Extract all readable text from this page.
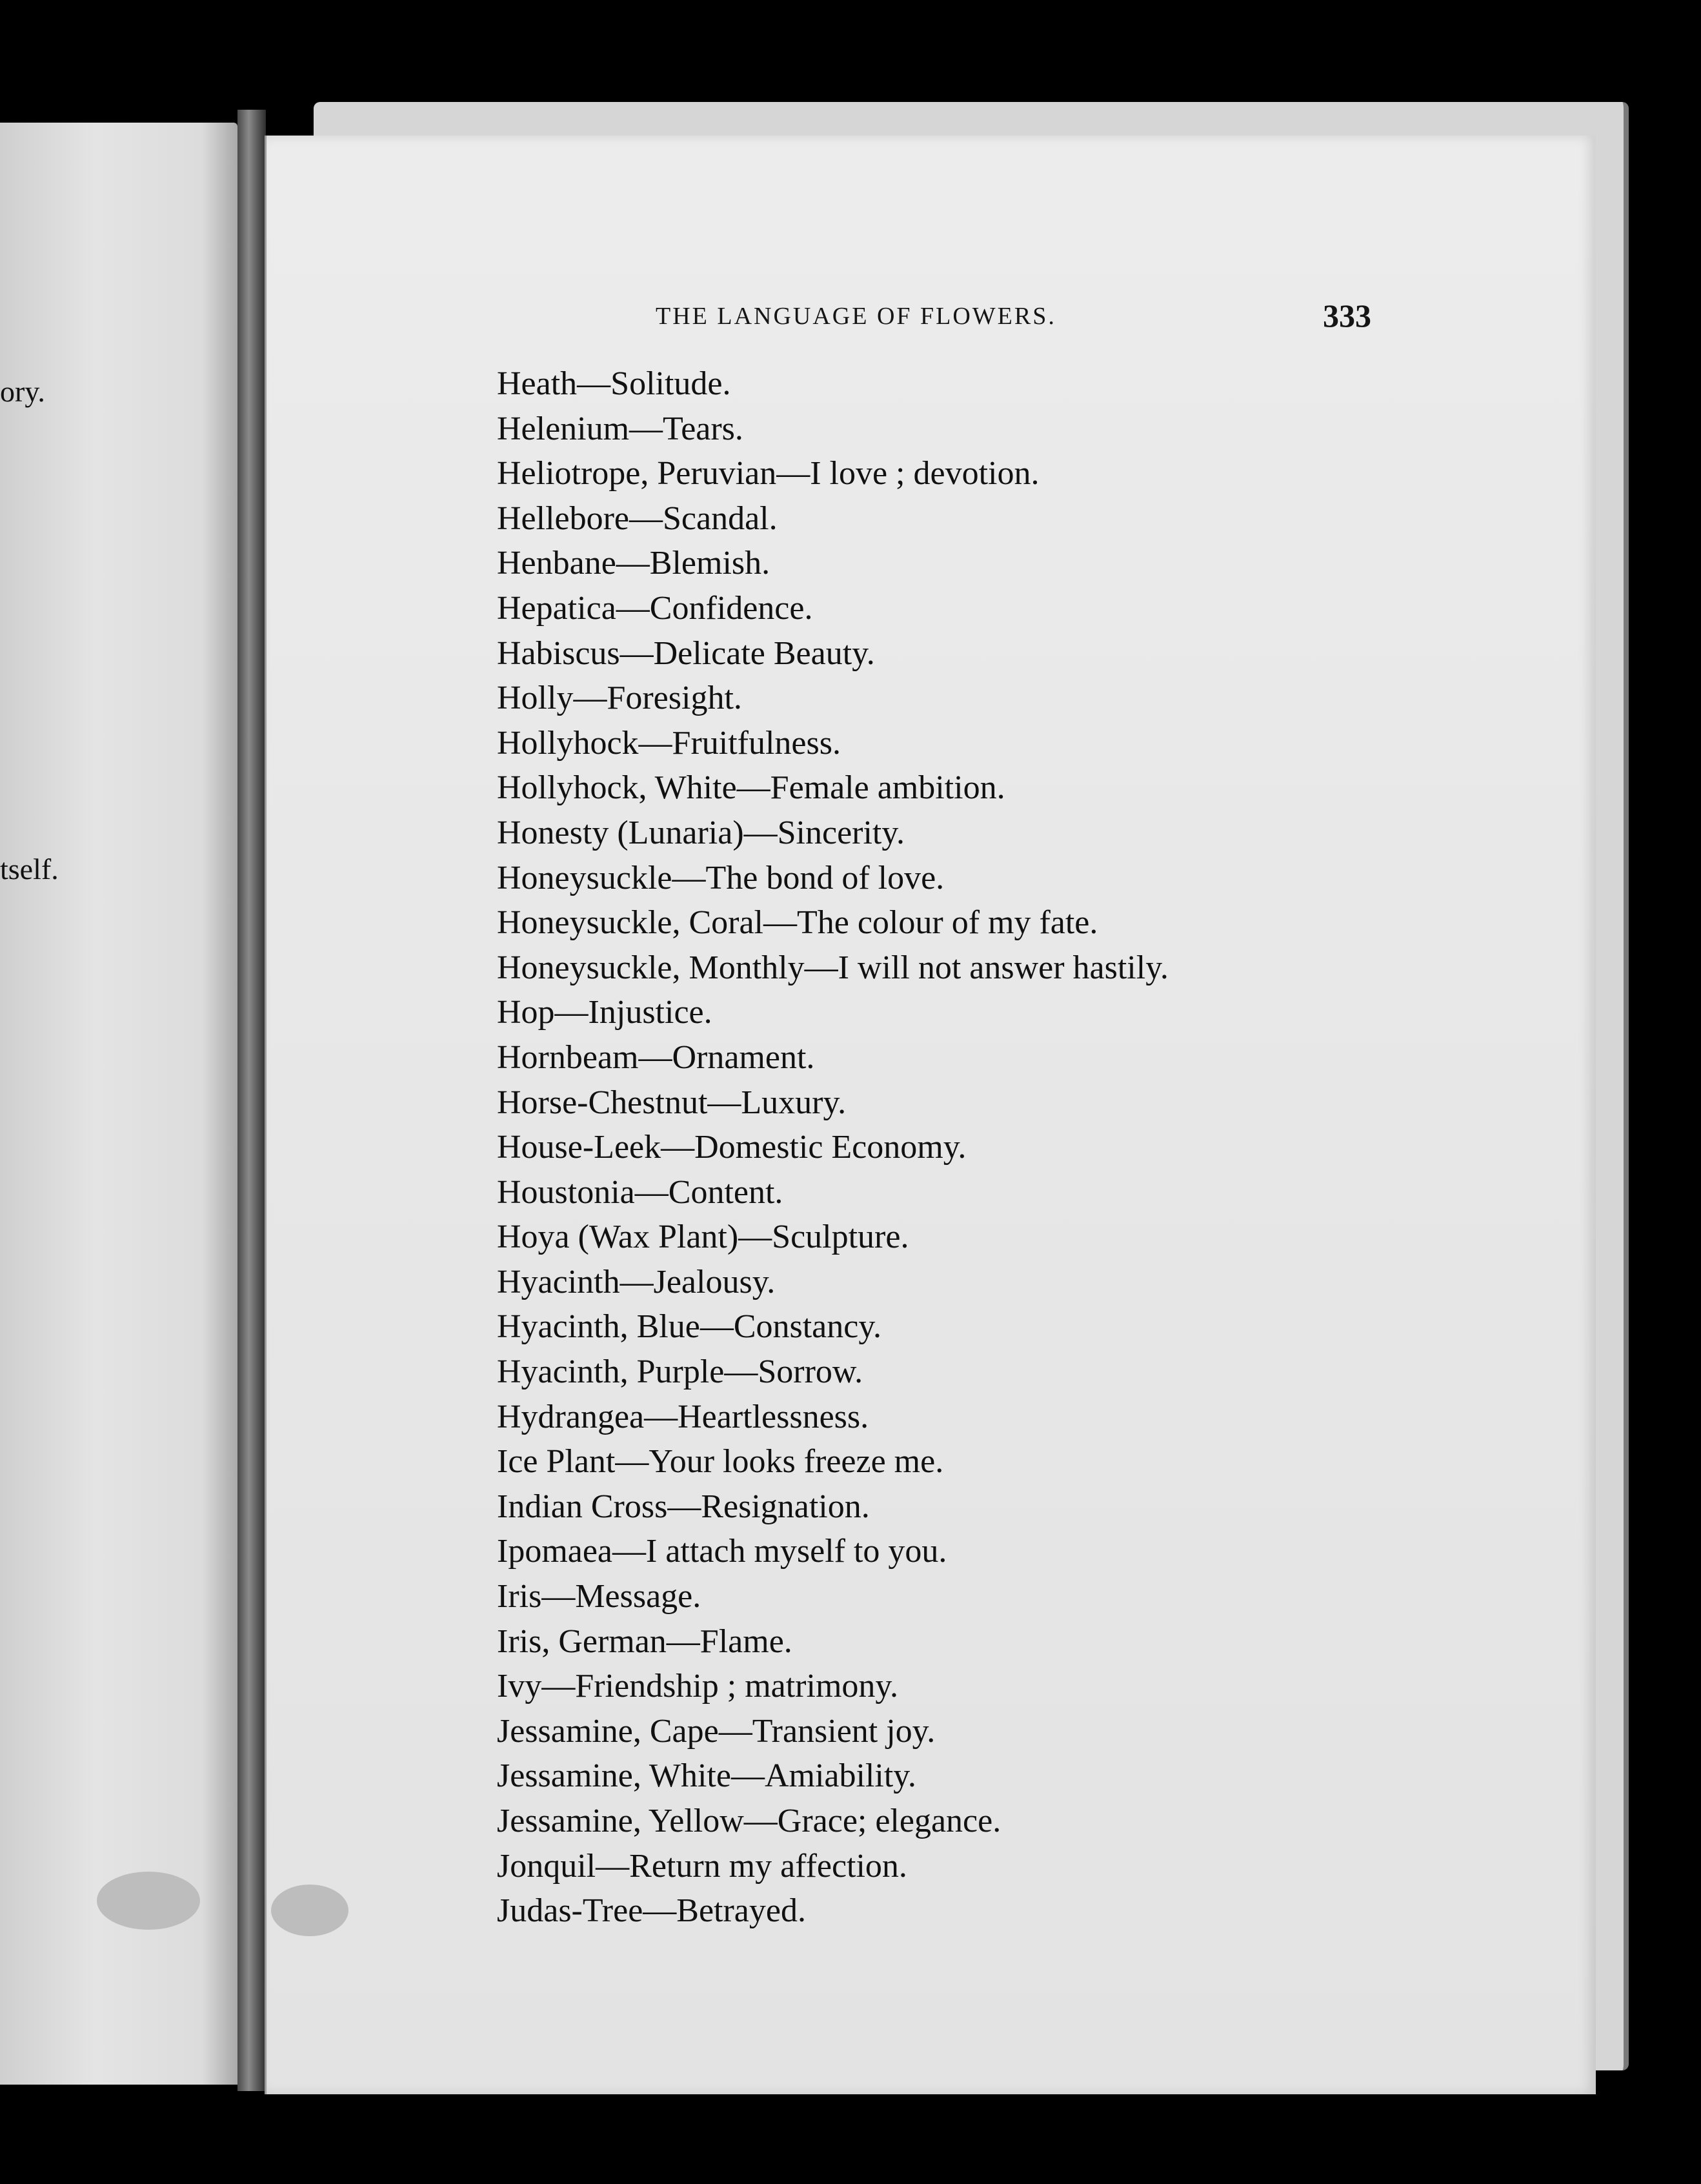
ory.
tself.
THE LANGUAGE OF FLOWERS.	333
Heath—Solitude.
Helenium—Tears.
Heliotrope, Peruvian—I love ; devotion.
Hellebore—Scandal.
Henbane—Blemish.
Hepatica—Confidence.
Habiscus—Delicate Beauty.
Holly—Foresight.
Hollyhock—Fruitfulness.
Hollyhock, White—Female ambition.
Honesty (Lunaria)—Sincerity.
Honeysuckle—The bond of love.
Honeysuckle, Coral—The colour of my fate.
Honeysuckle, Monthly—I will not answer hastily.
Hop—Injustice.
Hornbeam—Ornament.
Horse-Chestnut—Luxury.
House-Leek—Domestic Economy.
Houstonia—Content.
Hoya (Wax Plant)—Sculpture.
Hyacinth—Jealousy.
Hyacinth, Blue—Constancy.
Hyacinth, Purple—Sorrow.
Hydrangea—Heartlessness.
Ice Plant—Your looks freeze me.
Indian Cross—Resignation.
Ipomaea—I attach myself to you.
Iris—Message.
Iris, German—Flame.
Ivy—Friendship ; matrimony.
Jessamine, Cape—Transient joy.
Jessamine, White—Amiability.
Jessamine, Yellow—Grace; elegance.
Jonquil—Return my affection.
Judas-Tree—Betrayed.
